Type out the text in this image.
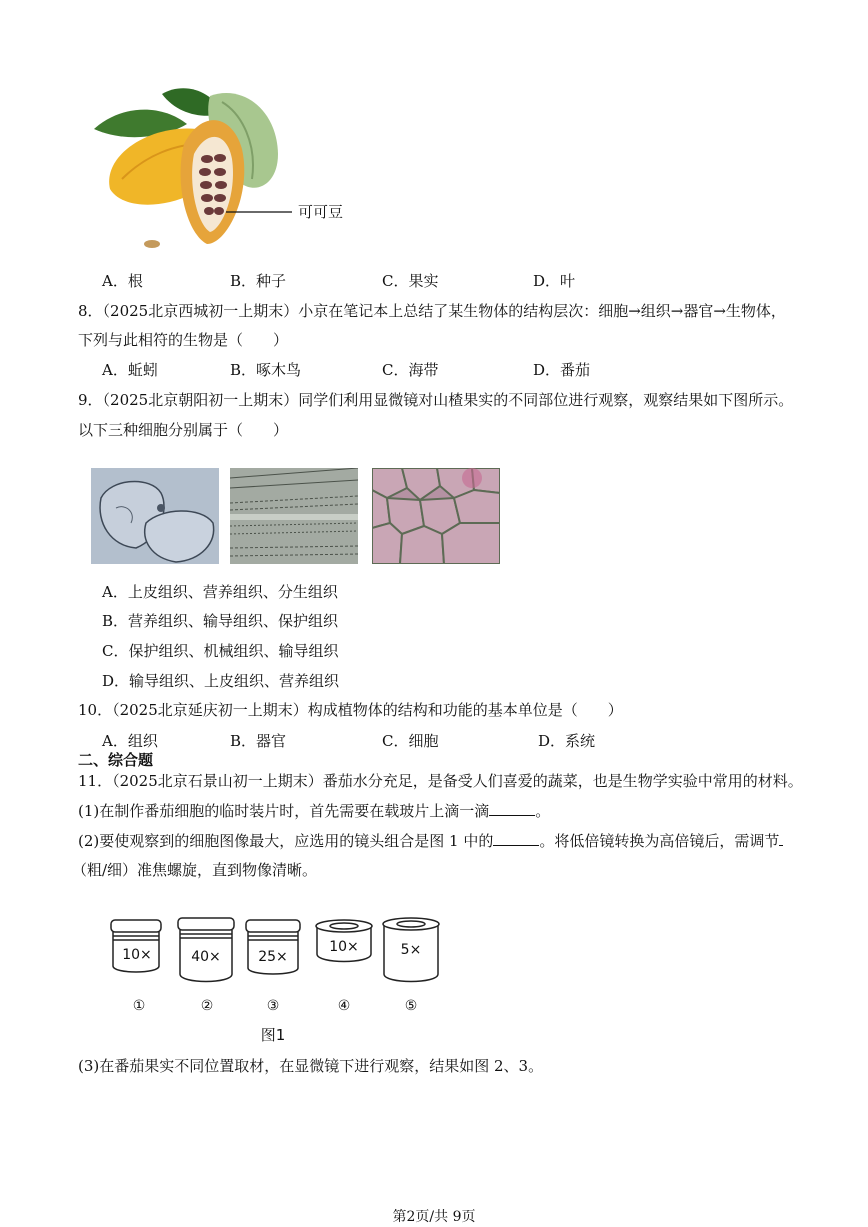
可可豆
A．根	B．种子	C．果实	D．叶
8．（2025北京西城初一上期末）小京在笔记本上总结了某生物体的结构层次：细胞→组织→器官→生物体，
下列与此相符的生物是（　　）
A．蚯蚓	B．啄木鸟	C．海带	D．番茄
9．（2025北京朝阳初一上期末）同学们利用显微镜对山楂果实的不同部位进行观察，观察结果如下图所示。
以下三种细胞分别属于（　　）
A．上皮组织、营养组织、分生组织
B．营养组织、输导组织、保护组织
C．保护组织、机械组织、输导组织
D．输导组织、上皮组织、营养组织
10．（2025北京延庆初一上期末）构成植物体的结构和功能的基本单位是（　　）
A．组织	B．器官	C．细胞	D．系统
二、综合题
11．（2025北京石景山初一上期末）番茄水分充足，是备受人们喜爱的蔬菜，也是生物学实验中常用的材料。
(1)在制作番茄细胞的临时装片时，首先需要在载玻片上滴一滴	。
(2)要使观察到的细胞图像最大，应选用的镜头组合是图 1 中的	。将低倍镜转换为高倍镜后，需调节
（粗/细）准焦螺旋，直到物像清晰。
10×	40×	25×
10×	5×
①	②	③	④	⑤
图1
(3)在番茄果实不同位置取材，在显微镜下进行观察，结果如图 2、3。
第2页/共 9页
